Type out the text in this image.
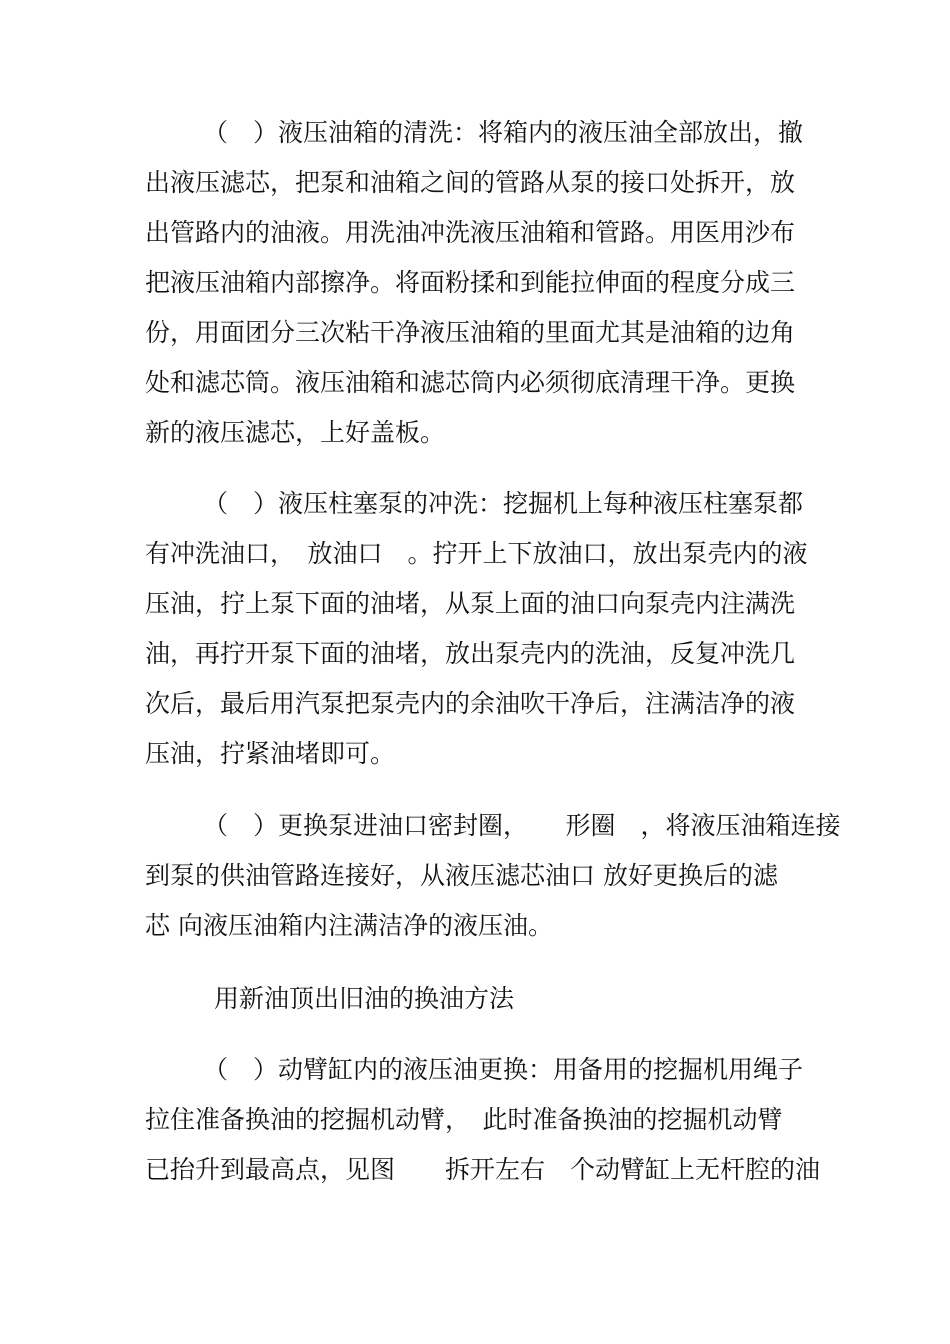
（　）液压油箱的清洗：将箱内的液压油全部放出，撤
出液压滤芯，把泵和油箱之间的管路从泵的接口处拆开，放
出管路内的油液。用洗油冲洗液压油箱和管路。用医用沙布
把液压油箱内部擦净。将面粉揉和到能拉伸面的程度分成三
份，用面团分三次粘干净液压油箱的里面尤其是油箱的边角
处和滤芯筒。液压油箱和滤芯筒内必须彻底清理干净。更换
新的液压滤芯，上好盖板。
（　）液压柱塞泵的冲洗：挖掘机上每种液压柱塞泵都
有冲洗油口，　放油口　。拧开上下放油口，放出泵壳内的液
压油，拧上泵下面的油堵，从泵上面的油口向泵壳内注满洗
油，再拧开泵下面的油堵，放出泵壳内的洗油，反复冲洗几
次后，最后用汽泵把泵壳内的余油吹干净后，注满洁净的液
压油，拧紧油堵即可。
（　）更换泵进油口密封圈，　　形圈　，将液压油箱连接
到泵的供油管路连接好，从液压滤芯油口 放好更换后的滤
芯 向液压油箱内注满洁净的液压油。
用新油顶出旧油的换油方法
（　）动臂缸内的液压油更换：用备用的挖掘机用绳子
拉住准备换油的挖掘机动臂，　此时准备换油的挖掘机动臂
已抬升到最高点，见图　　拆开左右　个动臂缸上无杆腔的油
